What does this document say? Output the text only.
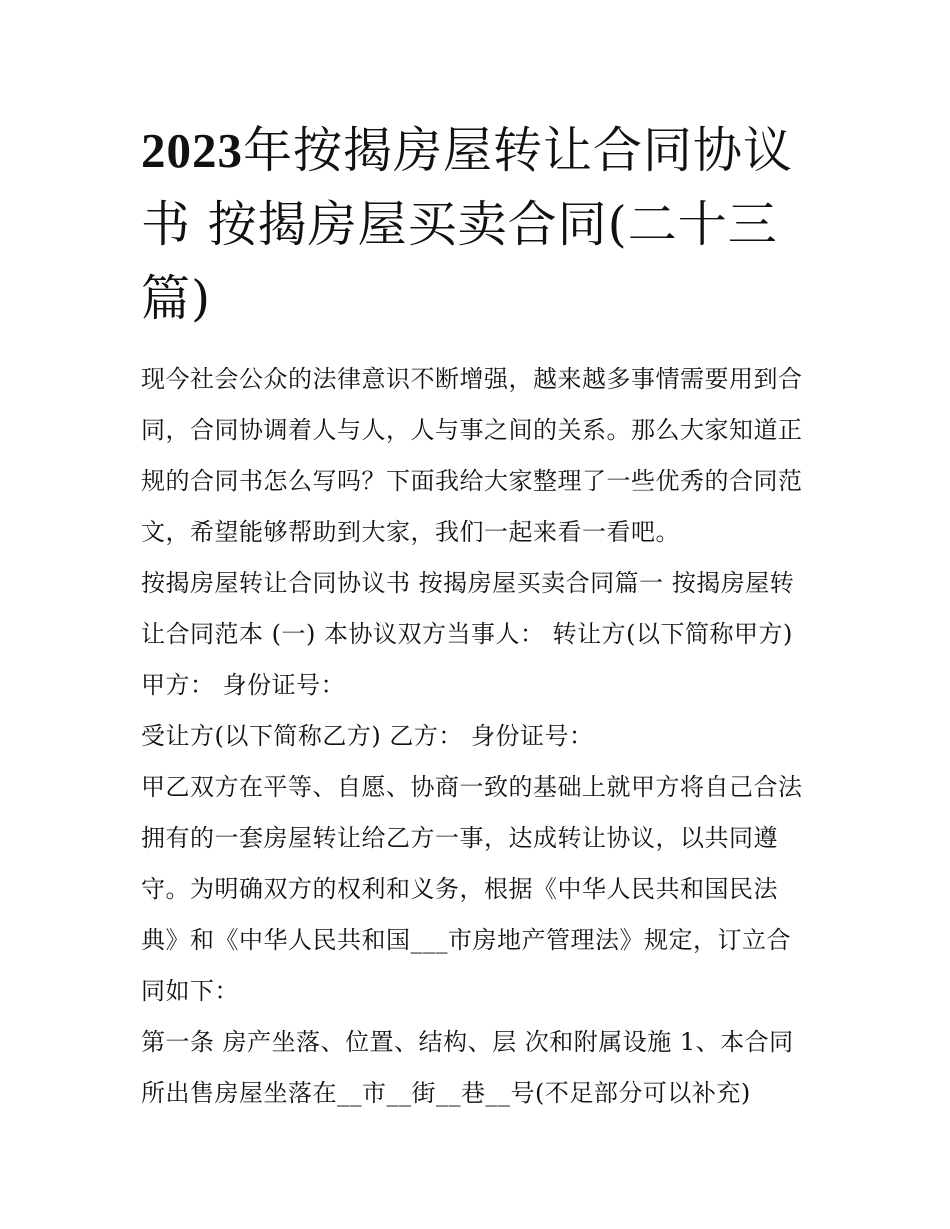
2023年按揭房屋转让合同协议书 按揭房屋买卖合同(二十三篇)

现今社会公众的法律意识不断增强，越来越多事情需要用到合同，合同协调着人与人，人与事之间的关系。那么大家知道正规的合同书怎么写吗？下面我给大家整理了一些优秀的合同范文，希望能够帮助到大家，我们一起来看一看吧。

按揭房屋转让合同协议书 按揭房屋买卖合同篇一 按揭房屋转让合同范本 (一) 本协议双方当事人： 转让方(以下简称甲方) 甲方： 身份证号：

受让方(以下简称乙方) 乙方： 身份证号：

甲乙双方在平等、自愿、协商一致的基础上就甲方将自己合法拥有的一套房屋转让给乙方一事，达成转让协议，以共同遵守。为明确双方的权利和义务，根据《中华人民共和国民法典》和《中华人民共和国___市房地产管理法》规定，订立合同如下：

第一条 房产坐落、位置、结构、层 次和附属设施 1、本合同所出售房屋坐落在__市__街__巷__号(不足部分可以补充)
